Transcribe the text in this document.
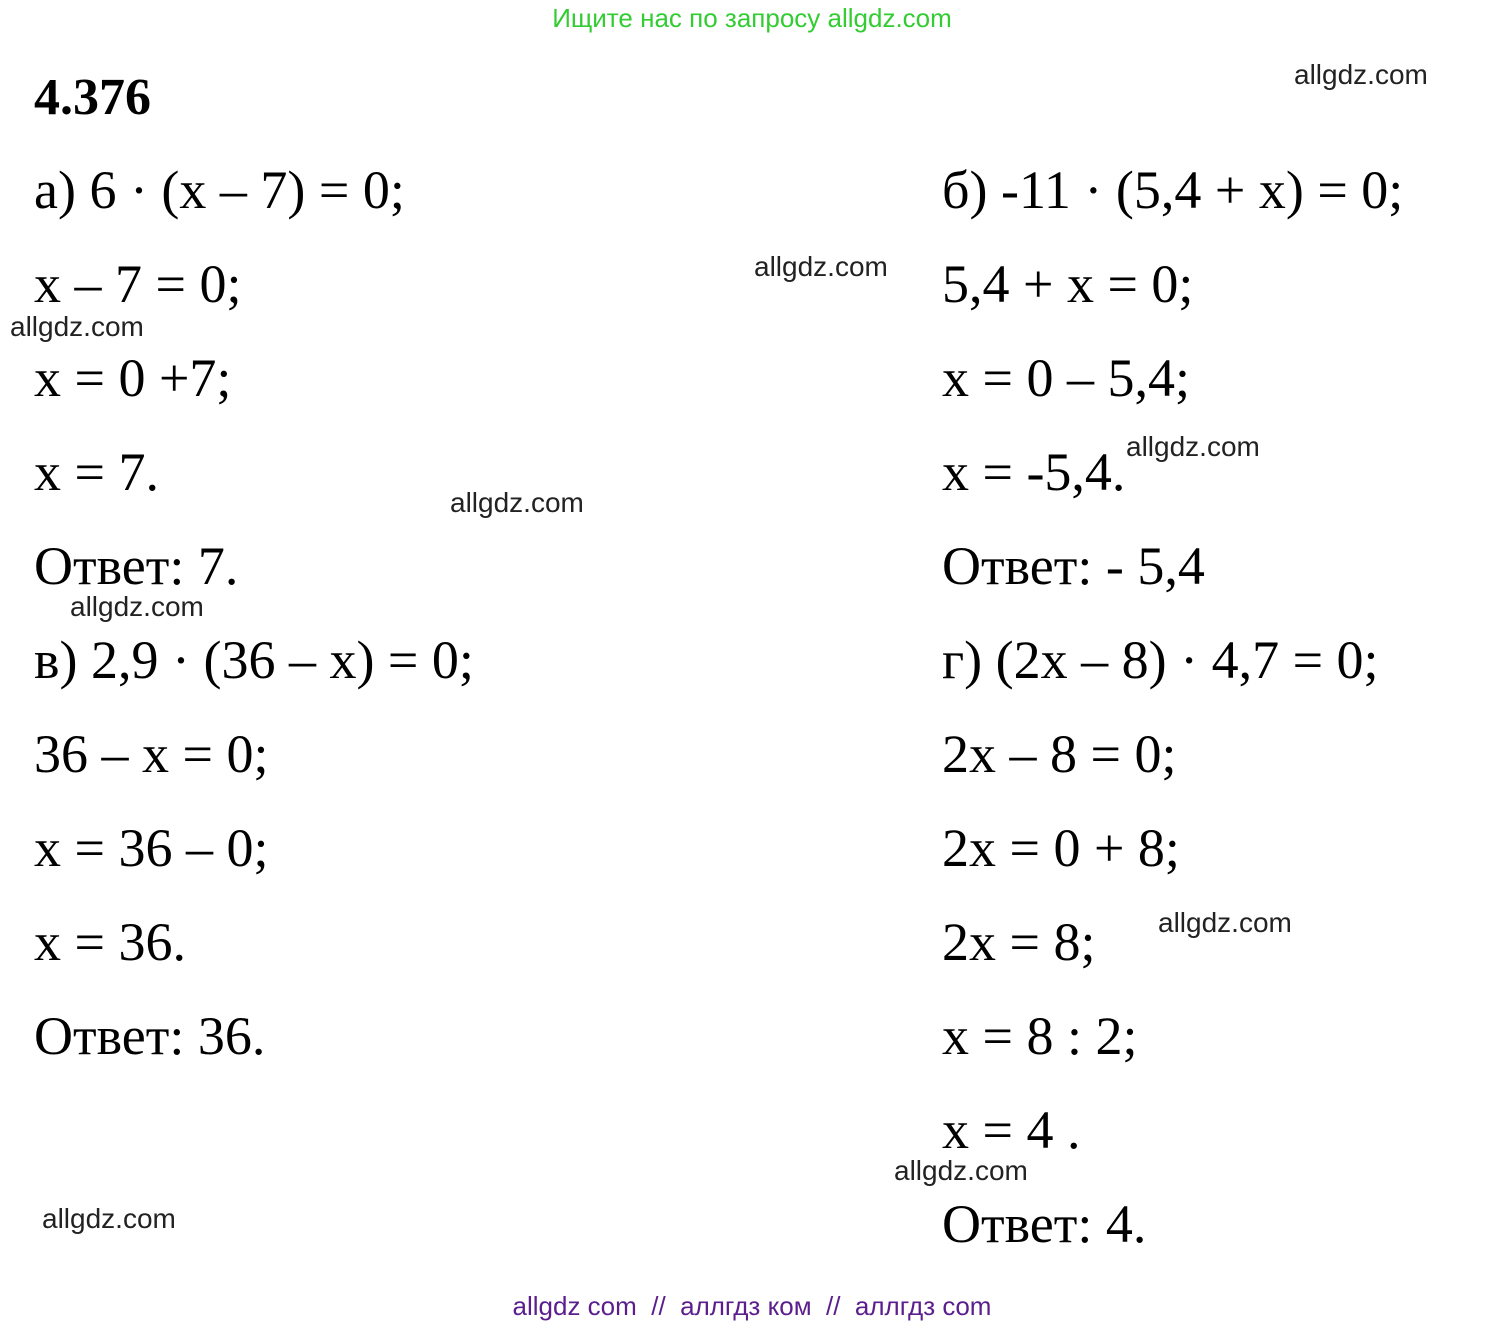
Ищите нас по запросу allgdz.com
4.376
а) 6 · (x – 7) = 0;
x – 7 = 0;
x = 0 +7;
x = 7.
Ответ: 7.
в) 2,9 · (36 – x) = 0;
36 – x = 0;
x = 36 – 0;
x = 36.
Ответ: 36.
б) -11 · (5,4 + x) = 0;
5,4 + x = 0;
x = 0 – 5,4;
x = -5,4.
Ответ: - 5,4
г) (2x – 8) · 4,7 = 0;
2x – 8 = 0;
2x = 0 + 8;
2x = 8;
x = 8 : 2;
x = 4 .
Ответ: 4.
allgdz.com
allgdz.com
allgdz.com
allgdz.com
allgdz.com
allgdz.com
allgdz.com
allgdz.com
allgdz.com
allgdz com  //  аллгдз ком  //  аллгдз com
